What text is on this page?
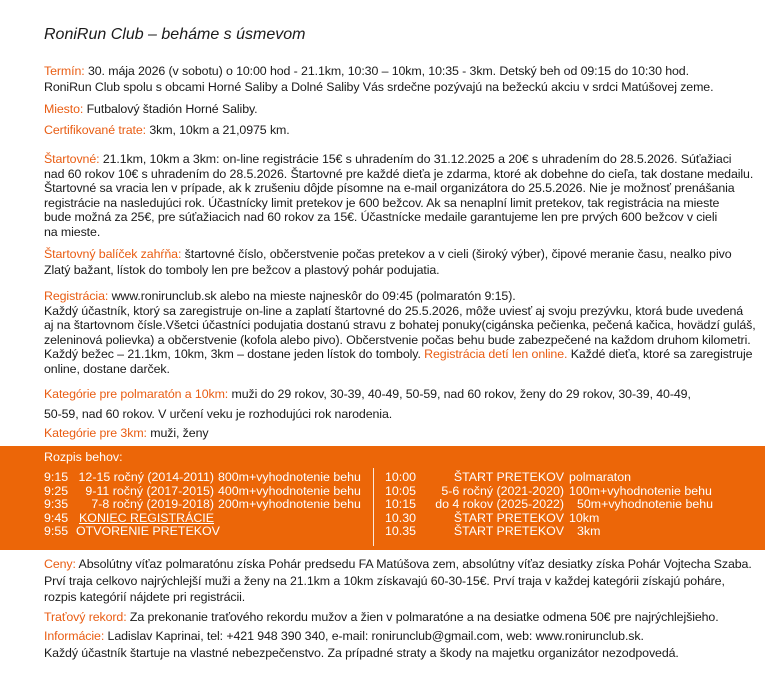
RoniRun Club – beháme s úsmevom
Termín: 30. mája 2026 (v sobotu) o 10:00 hod - 21.1km, 10:30 – 10km, 10:35 - 3km. Detský beh od 09:15 do 10:30 hod.
RoniRun Club spolu s obcami Horné Saliby a Dolné Saliby Vás srdečne pozývajú na bežeckú akciu v srdci Matúšovej zeme.
Miesto: Futbalový štadión Horné Saliby.
Certifikované trate: 3km, 10km a 21,0975 km.
Štartovné: 21.1km, 10km a 3km: on-line registrácie 15€ s uhradením do 31.12.2025 a 20€ s uhradením do 28.5.2026. Súťažiaci
nad 60 rokov 10€ s uhradením do 28.5.2026. Štartovné pre každé dieťa je zdarma, ktoré ak dobehne do cieľa, tak dostane medailu.
Štartovné sa vracia len v prípade, ak k zrušeniu dôjde písomne na e-mail organizátora do 25.5.2026. Nie je možnosť prenášania
registrácie na nasledujúci rok. Účastnícky limit pretekov je 600 bežcov. Ak sa nenaplní limit pretekov, tak registrácia na mieste
bude možná za 25€, pre súťažiacich nad 60 rokov za 15€. Účastnícke medaile garantujeme len pre prvých 600 bežcov v cieli
na mieste.
Štartovný balíček zahŕňa: štartovné číslo, občerstvenie počas pretekov a v cieli (široký výber), čipové meranie času, nealko pivo
Zlatý bažant, lístok do tomboly len pre bežcov a plastový pohár podujatia.
Registrácia: www.ronirunclub.sk alebo na mieste najneskôr do 09:45 (polmaratón 9:15).
Každý účastník, ktorý sa zaregistruje on-line a zaplatí štartovné do 25.5.2026, môže uviesť aj svoju prezývku, ktorá bude uvedená
aj na štartovnom čísle.Všetci účastníci podujatia dostanú stravu z bohatej ponuky(cigánska pečienka, pečená kačica, hovädzí guláš,
zeleninová polievka) a občerstvenie (kofola alebo pivo). Občerstvenie počas behu bude zabezpečené na každom druhom kilometri.
Každý bežec – 21.1km, 10km, 3km – dostane jeden lístok do tomboly. Registrácia detí len online. Každé dieťa, ktoré sa zaregistruje
online, dostane darček.
Kategórie pre polmaratón a 10km: muži do 29 rokov, 30-39, 40-49, 50-59, nad 60 rokov, ženy do 29 rokov, 30-39, 40-49,
50-59, nad 60 rokov. V určení veku je rozhodujúci rok narodenia.
Kategórie pre 3km: muži, ženy
Rozpis behov:
9:15
9:25
9:35
9:45
9:55
12-15 ročný (2014-2011)
9-11 ročný (2017-2015)
7-8 ročný (2019-2018)
KONIEC REGISTRÁCIE
OTVORENIE PRETEKOV
800m+vyhodnotenie behu
400m+vyhodnotenie behu
200m+vyhodnotenie behu

10:00
10:05
10:15
10.30
10.35
ŠTART PRETEKOV
5-6 ročný (2021-2020)
do 4 rokov (2025-2022)
ŠTART PRETEKOV
ŠTART PRETEKOV
polmaraton
100m+vyhodnotenie behu
50m+vyhodnotenie behu
10km
3km
Ceny: Absolútny víťaz polmaratónu získa Pohár predsedu FA Matúšova zem, absolútny víťaz desiatky získa Pohár Vojtecha Szaba.
Prví traja celkovo najrýchlejší muži a ženy na 21.1km a 10km získavajú 60-30-15€. Prví traja v každej kategórii získajú poháre,
rozpis kategórií nájdete pri registrácii.
Traťový rekord: Za prekonanie traťového rekordu mužov a žien v polmaratóne a na desiatke odmena 50€ pre najrýchlejšieho.
Informácie: Ladislav Kaprinai, tel: +421 948 390 340, e-mail: ronirunclub@gmail.com, web: www.ronirunclub.sk.
Každý účastník štartuje na vlastné nebezpečenstvo. Za prípadné straty a škody na majetku organizátor nezodpovedá.
